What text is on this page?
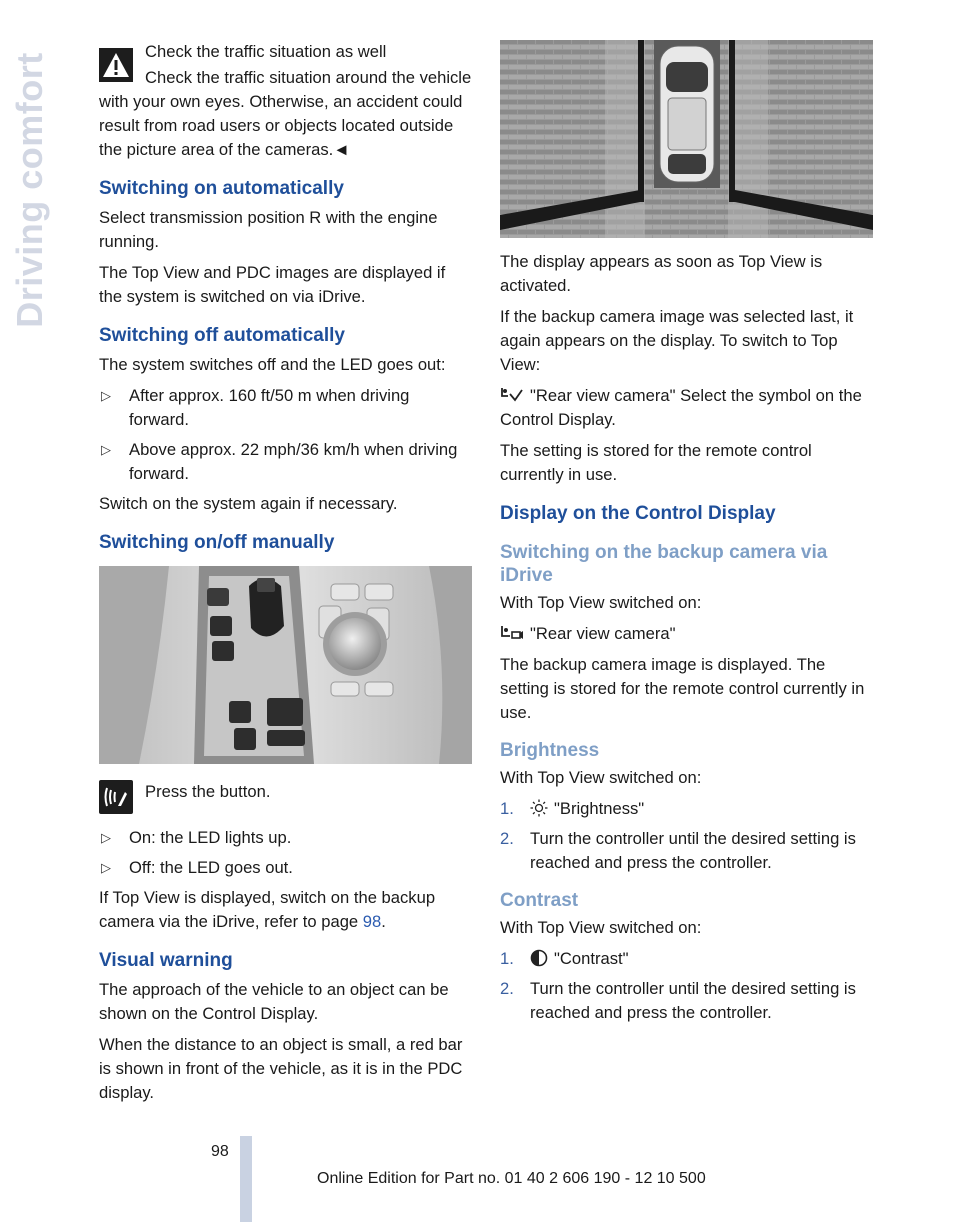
Driving comfort

Check the traffic situation as well

Check the traffic situation around the vehicle with your own eyes. Otherwise, an accident could result from road users or objects located outside the picture area of the cameras.◄

Switching on automatically

Select transmission position R with the engine running.

The Top View and PDC images are displayed if the system is switched on via iDrive.

Switching off automatically

The system switches off and the LED goes out:

▷ After approx. 160 ft/50 m when driving forward.
▷ Above approx. 22 mph/36 km/h when driving forward.

Switch on the system again if necessary.

Switching on/off manually

Press the button.

▷ On: the LED lights up.
▷ Off: the LED goes out.

If Top View is displayed, switch on the backup camera via the iDrive, refer to page 98.

Visual warning

The approach of the vehicle to an object can be shown on the Control Display.

When the distance to an object is small, a red bar is shown in front of the vehicle, as it is in the PDC display.

The display appears as soon as Top View is activated.

If the backup camera image was selected last, it again appears on the display. To switch to Top View:

"Rear view camera" Select the symbol on the Control Display.

The setting is stored for the remote control currently in use.

Display on the Control Display
Switching on the backup camera via iDrive

With Top View switched on:

"Rear view camera"

The backup camera image is displayed. The setting is stored for the remote control currently in use.

Brightness

With Top View switched on:

1. "Brightness"
2. Turn the controller until the desired setting is reached and press the controller.
Contrast

With Top View switched on:

1. "Contrast"
2. Turn the controller until the desired setting is reached and press the controller.
98
Online Edition for Part no. 01 40 2 606 190 - 12 10 500
